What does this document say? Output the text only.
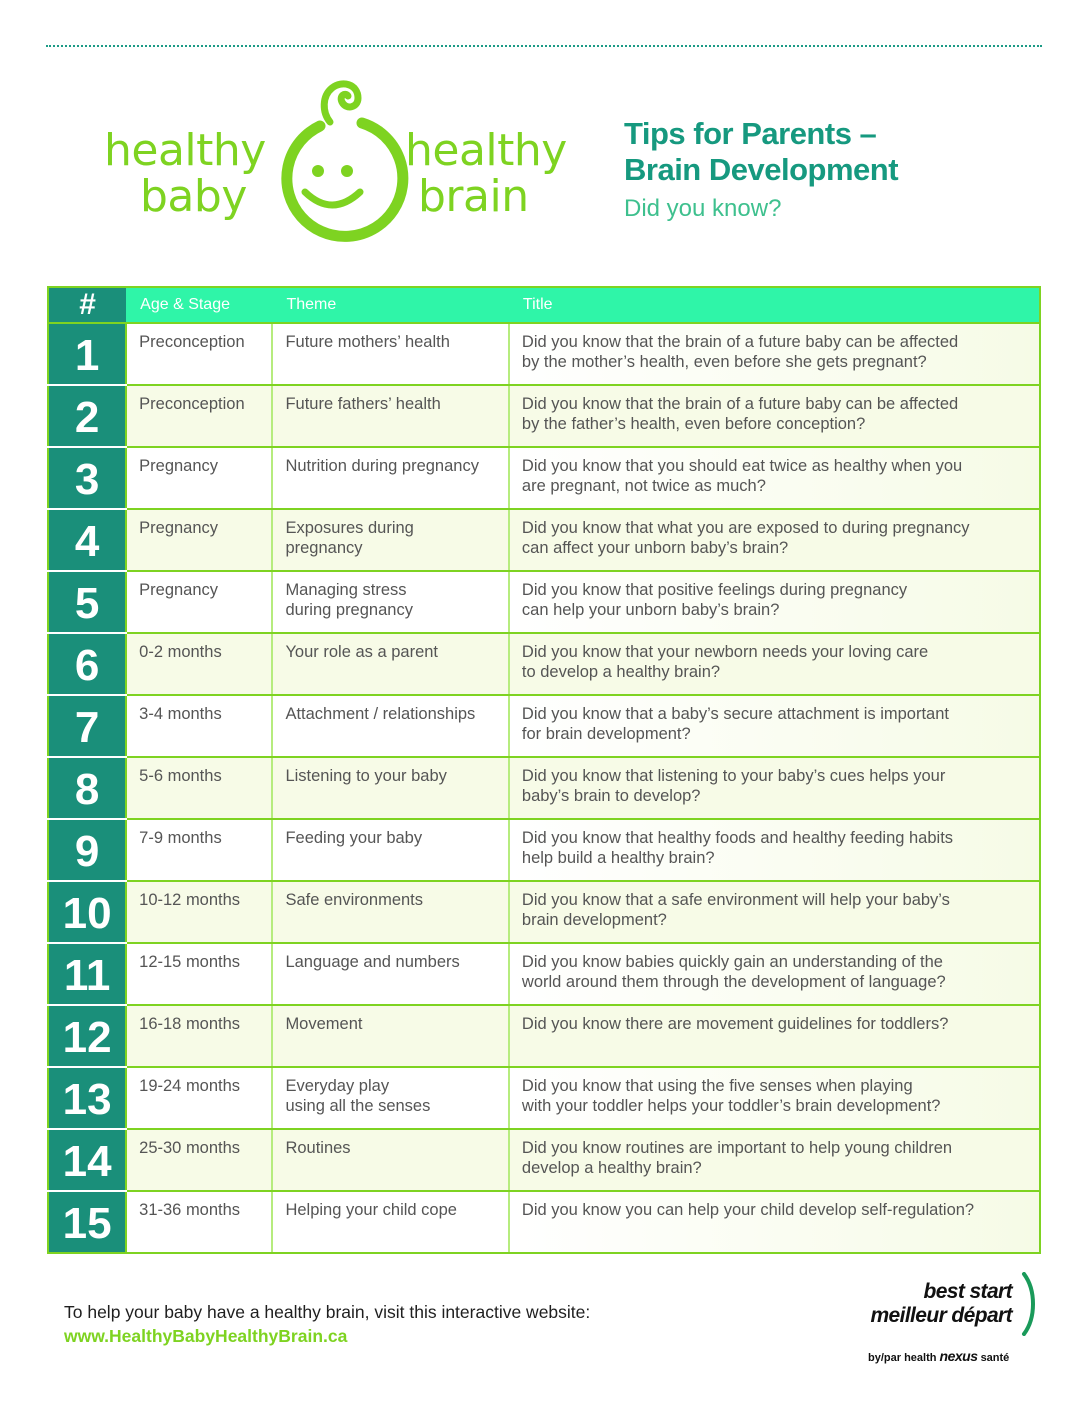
healthy
baby
healthy
brain
Tips for Parents –
Brain Development
Did you know?
#	Age & Stage	Theme	Title
1	Preconception	Future mothers’ health	Did you know that the brain of a future baby can be affected
by the mother’s health, even before she gets pregnant?

2	Preconception	Future fathers’ health	Did you know that the brain of a future baby can be affected
by the father’s health, even before conception?

3	Pregnancy	Nutrition during pregnancy	Did you know that you should eat twice as healthy when you
are pregnant, not twice as much?

4	Pregnancy	Exposures during
pregnancy	Did you know that what you are exposed to during pregnancy
can affect your unborn baby’s brain?

5	Pregnancy	Managing stress
during pregnancy	Did you know that positive feelings during pregnancy
can help your unborn baby’s brain?

6	0-2 months	Your role as a parent	Did you know that your newborn needs your loving care
to develop a healthy brain?

7	3-4 months	Attachment / relationships	Did you know that a baby’s secure attachment is important
for brain development?

8	5-6 months	Listening to your baby	Did you know that listening to your baby’s cues helps your
baby’s brain to develop?

9	7-9 months	Feeding your baby	Did you know that healthy foods and healthy feeding habits
help build a healthy brain?

10	10-12 months	Safe environments	Did you know that a safe environment will help your baby’s
brain development?

11	12-15 months	Language and numbers	Did you know babies quickly gain an understanding of the
world around them through the development of language?

12	16-18 months	Movement	Did you know there are movement guidelines for toddlers?

13	19-24 months	Everyday play
using all the senses	Did you know that using the five senses when playing
with your toddler helps your toddler’s brain development?

14	25-30 months	Routines	Did you know routines are important to help young children
develop a healthy brain?

15	31-36 months	Helping your child cope	Did you know you can help your child develop self-regulation?
To help your baby have a healthy brain, visit this interactive website:
www.HealthyBabyHealthyBrain.ca
best start
meilleur départ
by/par health nexus santé
